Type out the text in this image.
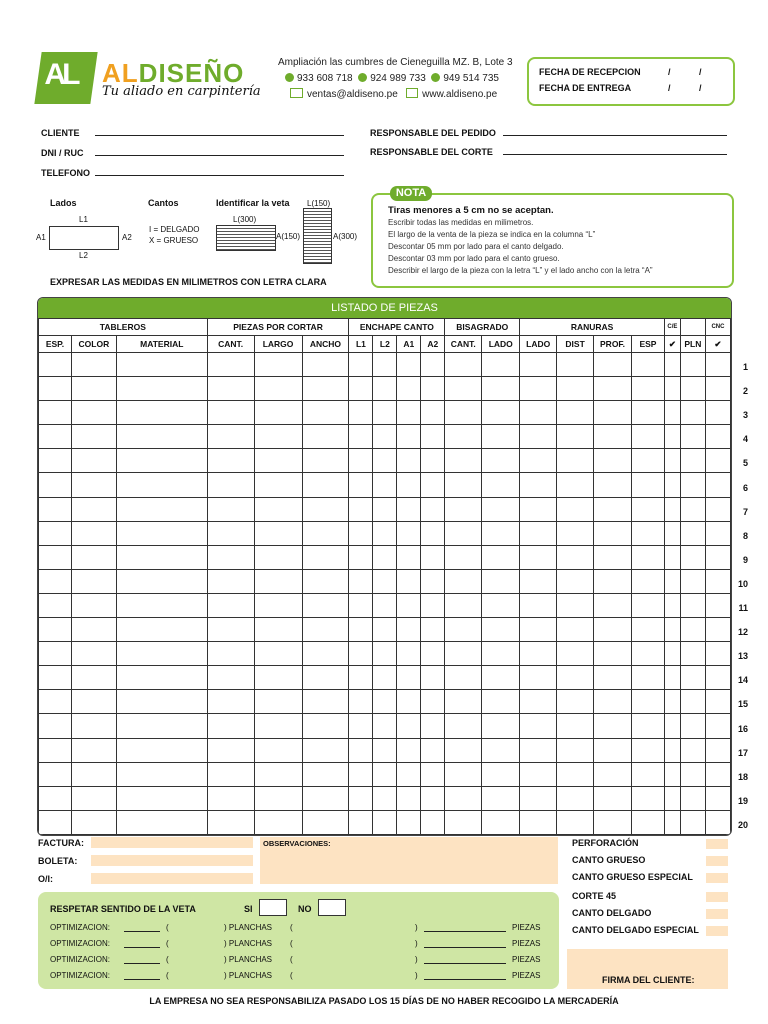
AL ALDISEÑO
Tu aliado en carpintería
Ampliación las cumbres de Cieneguilla MZ. B, Lote 3
933 608 718 924 989 733 949 514 735
ventas@aldiseno.pe www.aldiseno.pe
FECHA DE RECEPCION	/	/
FECHA DE ENTREGA	/	/
CLIENTE
DNI / RUC
TELEFONO
RESPONSABLE DEL PEDIDO
RESPONSABLE DEL CORTE
Lados	Cantos	Identificar la veta
L1
A1	A2
L2
I = DELGADO
X = GRUESO
L(300)
A(150)
L(150)
A(300)
EXPRESAR LAS MEDIDAS EN MILIMETROS CON LETRA CLARA
NOTA
Tiras menores a 5 cm no se aceptan.
Escribir todas las medidas en milimetros.
El largo de la venta de la pieza se indica en la columna “L”
Descontar 05 mm por lado para el canto delgado.
Descontar 03 mm por lado para el canto grueso.
Describir el largo de la pieza con la letra “L” y el lado ancho con la letra “A”
LISTADO DE PIEZAS
TABLEROS			PIEZAS POR CORTAR			ENCHAPE CANTO				BISAGRADO		RANURAS				C/E		CNC
ESP.	COLOR	MATERIAL	CANT.	LARGO	ANCHO	L1	L2	A1	A2	CANT.	LADO	LADO	DIST	PROF.	ESP	✔	PLN	✔

1
2
3
4
5
6
7
8
9
10
11
12
13
14
15
16
17
18
19
20
FACTURA:
BOLETA:
O/I:
OBSERVACIONES:	PERFORACIÓN
CANTO GRUESO
CANTO GRUESO ESPECIAL
CORTE 45
CANTO DELGADO
CANTO DELGADO ESPECIAL
FIRMA DEL CLIENTE:
RESPETAR SENTIDO DE LA VETA	SI	NO
OPTIMIZACION:	(	) PLANCHAS (	)	PIEZAS
OPTIMIZACION:	(	) PLANCHAS (	)	PIEZAS
OPTIMIZACION:	(	) PLANCHAS (	)	PIEZAS
OPTIMIZACION:	(	) PLANCHAS (	)	PIEZAS
LA EMPRESA NO SEA RESPONSABILIZA PASADO LOS 15 DÍAS DE NO HABER RECOGIDO LA MERCADERÍA
